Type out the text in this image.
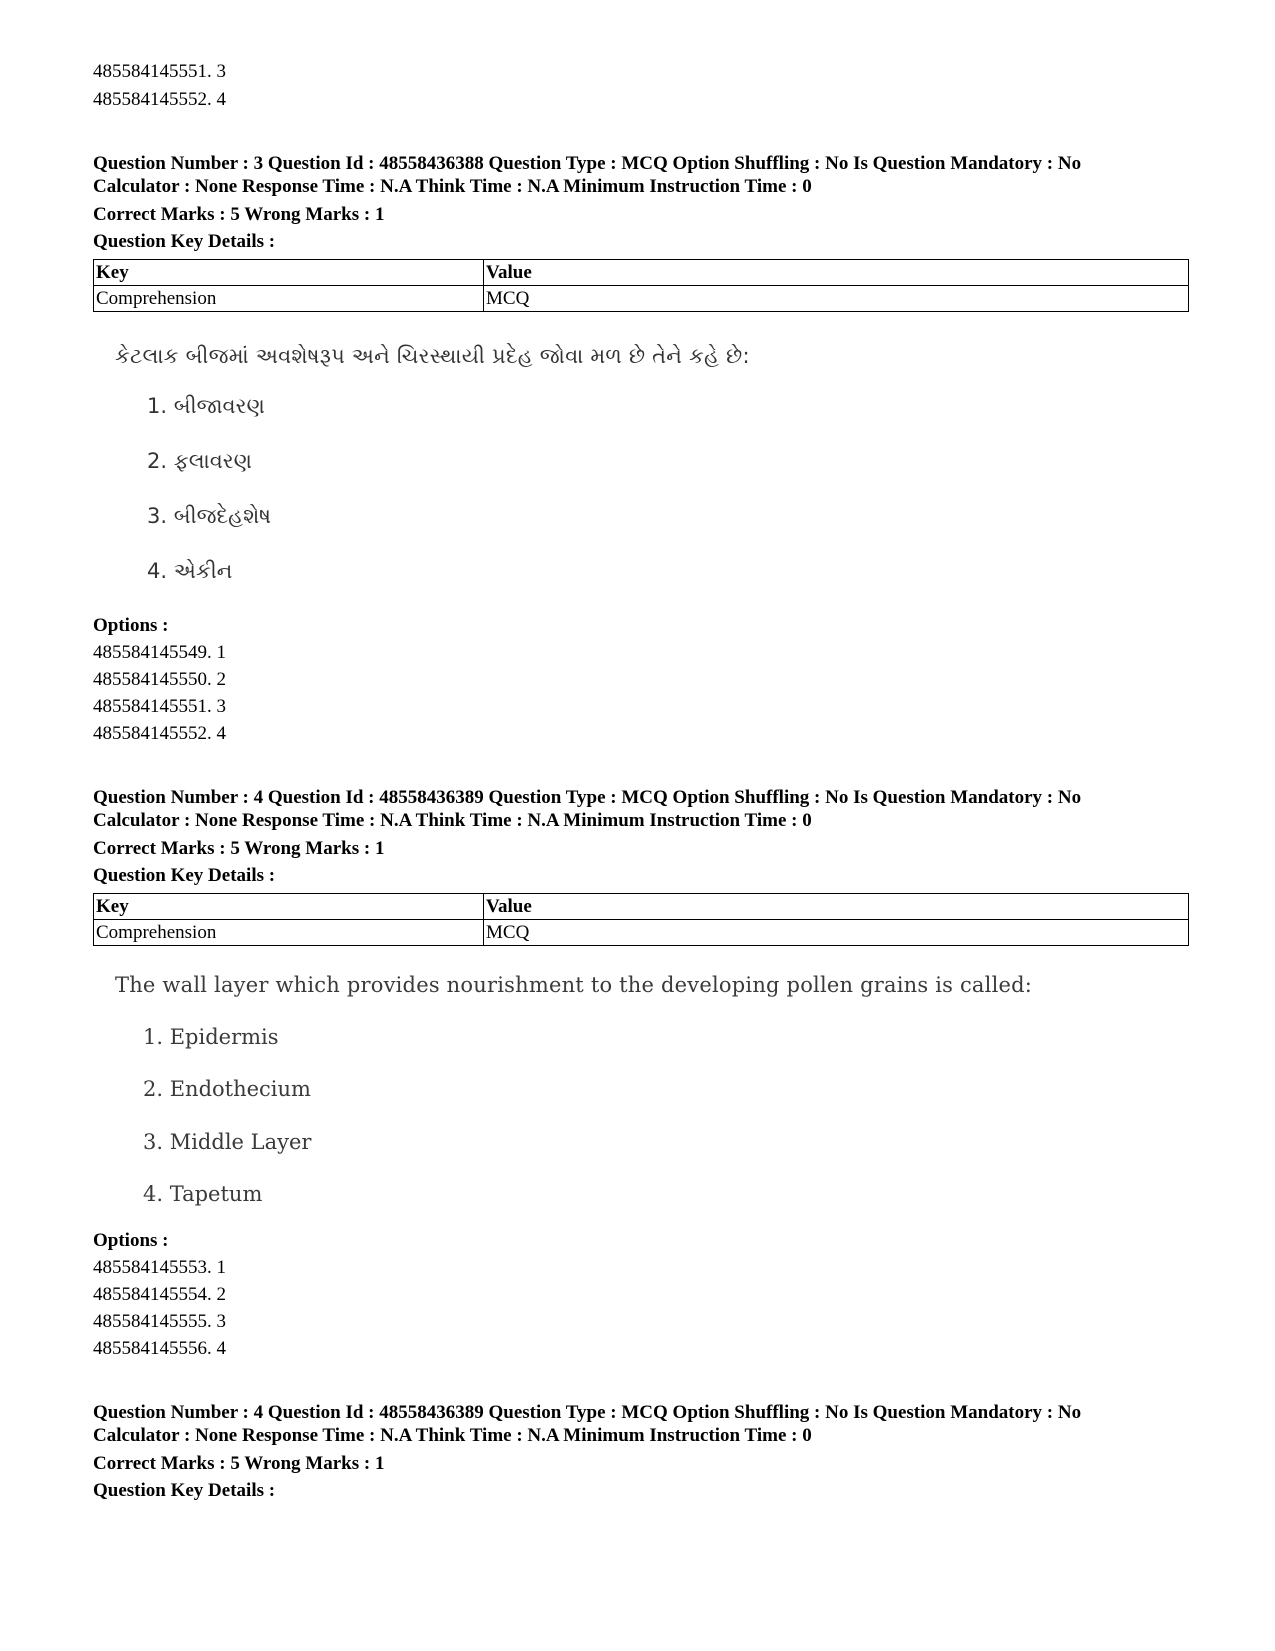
485584145551. 3
485584145552. 4
Question Number : 3 Question Id : 48558436388 Question Type : MCQ Option Shuffling : No Is Question Mandatory : No
Calculator : None Response Time : N.A Think Time : N.A Minimum Instruction Time : 0
Correct Marks : 5 Wrong Marks : 1
Question Key Details :
Key	Value
Comprehension	MCQ
કેટલાક બીજમાં અવશેષરૂપ અને ચિરસ્થાયી પ્રદેહ જોવા મળ છે તેને કહે છે:
1. બીજાવરણ
2. ફલાવરણ
3. બીજદેહશેષ
4. એકીન
Options :
485584145549. 1
485584145550. 2
485584145551. 3
485584145552. 4
Question Number : 4 Question Id : 48558436389 Question Type : MCQ Option Shuffling : No Is Question Mandatory : No
Calculator : None Response Time : N.A Think Time : N.A Minimum Instruction Time : 0
Correct Marks : 5 Wrong Marks : 1
Question Key Details :
Key	Value
Comprehension	MCQ
The wall layer which provides nourishment to the developing pollen grains is called:
1. Epidermis
2. Endothecium
3. Middle Layer
4. Tapetum
Options :
485584145553. 1
485584145554. 2
485584145555. 3
485584145556. 4
Question Number : 4 Question Id : 48558436389 Question Type : MCQ Option Shuffling : No Is Question Mandatory : No
Calculator : None Response Time : N.A Think Time : N.A Minimum Instruction Time : 0
Correct Marks : 5 Wrong Marks : 1
Question Key Details :
